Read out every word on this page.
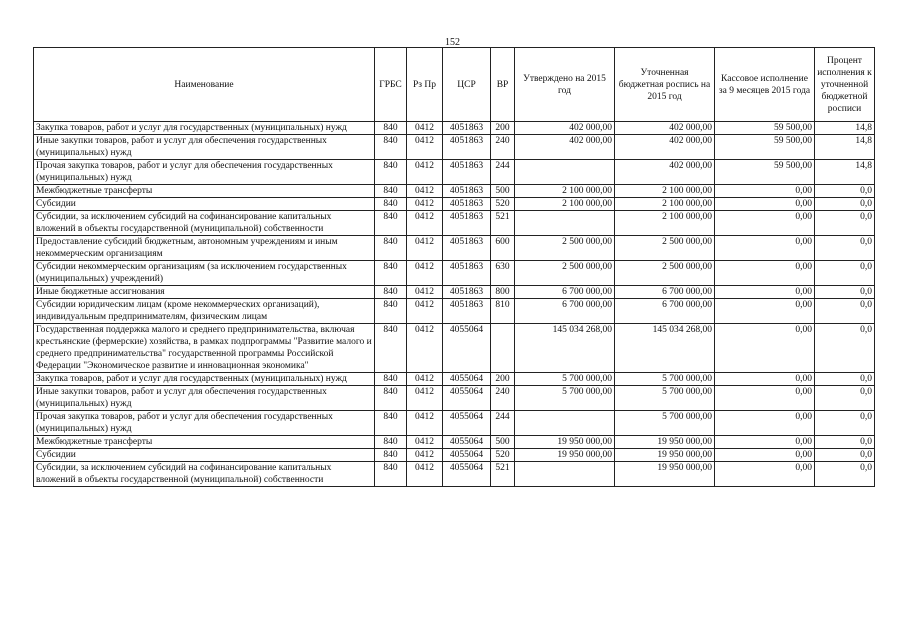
152
Наименование	ГРБС	Рз Пр	ЦСР	ВР	Утверждено на 2015 год	Уточненная бюджетная роспись на 2015 год	Кассовое исполнение за 9 месяцев 2015 года	Процент исполнения к уточненной бюджетной росписи
Закупка товаров, работ и услуг для государственных (муниципальных) нужд	840	0412	4051863	200	402 000,00	402 000,00	59 500,00	14,8
Иные закупки товаров, работ и услуг для обеспечения государственных (муниципальных) нужд	840	0412	4051863	240	402 000,00	402 000,00	59 500,00	14,8
Прочая закупка товаров, работ и услуг для обеспечения государственных (муниципальных) нужд	840	0412	4051863	244		402 000,00	59 500,00	14,8
Межбюджетные трансферты	840	0412	4051863	500	2 100 000,00	2 100 000,00	0,00	0,0
Субсидии	840	0412	4051863	520	2 100 000,00	2 100 000,00	0,00	0,0
Субсидии, за исключением субсидий на софинансирование капитальных вложений в объекты государственной (муниципальной) собственности	840	0412	4051863	521		2 100 000,00	0,00	0,0
Предоставление субсидий бюджетным, автономным учреждениям и иным некоммерческим организациям	840	0412	4051863	600	2 500 000,00	2 500 000,00	0,00	0,0
Субсидии некоммерческим организациям (за исключением государственных (муниципальных) учреждений)	840	0412	4051863	630	2 500 000,00	2 500 000,00	0,00	0,0
Иные бюджетные ассигнования	840	0412	4051863	800	6 700 000,00	6 700 000,00	0,00	0,0
Субсидии юридическим лицам (кроме некоммерческих организаций), индивидуальным предпринимателям, физическим лицам	840	0412	4051863	810	6 700 000,00	6 700 000,00	0,00	0,0
Государственная поддержка малого и среднего предпринимательства, включая крестьянские (фермерские) хозяйства, в рамках подпрограммы "Развитие малого и среднего предпринимательства" государственной программы Российской Федерации "Экономическое развитие и инновационная экономика"	840	0412	4055064		145 034 268,00	145 034 268,00	0,00	0,0
Закупка товаров, работ и услуг для государственных (муниципальных) нужд	840	0412	4055064	200	5 700 000,00	5 700 000,00	0,00	0,0
Иные закупки товаров, работ и услуг для обеспечения государственных (муниципальных) нужд	840	0412	4055064	240	5 700 000,00	5 700 000,00	0,00	0,0
Прочая закупка товаров, работ и услуг для обеспечения государственных (муниципальных) нужд	840	0412	4055064	244		5 700 000,00	0,00	0,0
Межбюджетные трансферты	840	0412	4055064	500	19 950 000,00	19 950 000,00	0,00	0,0
Субсидии	840	0412	4055064	520	19 950 000,00	19 950 000,00	0,00	0,0
Субсидии, за исключением субсидий на софинансирование капитальных вложений в объекты государственной (муниципальной) собственности	840	0412	4055064	521		19 950 000,00	0,00	0,0
